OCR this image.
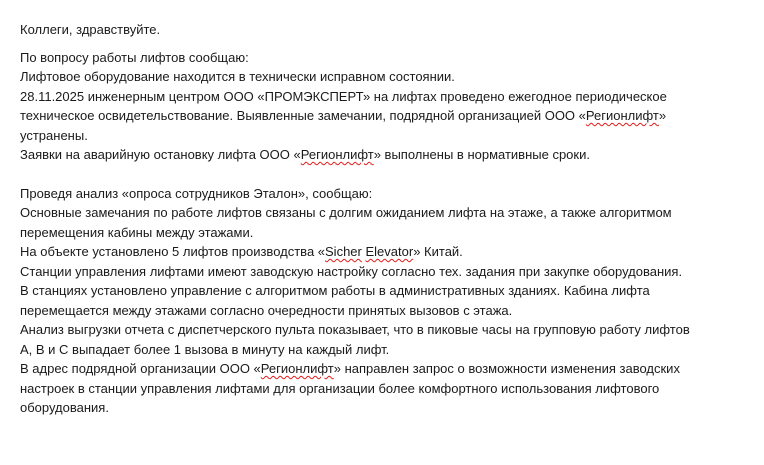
Коллеги, здравствуйте.
По вопросу работы лифтов сообщаю:
Лифтовое оборудование находится в технически исправном состоянии.
28.11.2025 инженерным центром ООО «ПРОМЭКСПЕРТ» на лифтах проведено ежегодное периодическое
техническое освидетельствование. Выявленные замечании, подрядной организацией ООО «Регионлифт»
устранены.
Заявки на аварийную остановку лифта ООО «Регионлифт» выполнены в нормативные сроки.
Проведя анализ «опроса сотрудников Эталон», сообщаю:
Основные замечания по работе лифтов связаны с долгим ожиданием лифта на этаже, а также алгоритмом
перемещения кабины между этажами.
На объекте установлено 5 лифтов производства «Sicher Elevator» Китай.
Станции управления лифтами имеют заводскую настройку согласно тех. задания при закупке оборудования.
В станциях установлено управление с алгоритмом работы в административных зданиях. Кабина лифта
перемещается между этажами согласно очередности принятых вызовов с этажа.
Анализ выгрузки отчета с диспетчерского пульта показывает, что в пиковые часы на групповую работу лифтов
А, В и С выпадает более 1 вызова в минуту на каждый лифт.
В адрес подрядной организации ООО «Регионлифт» направлен запрос о возможности изменения заводских
настроек в станции управления лифтами для организации более комфортного использования лифтового
оборудования.
